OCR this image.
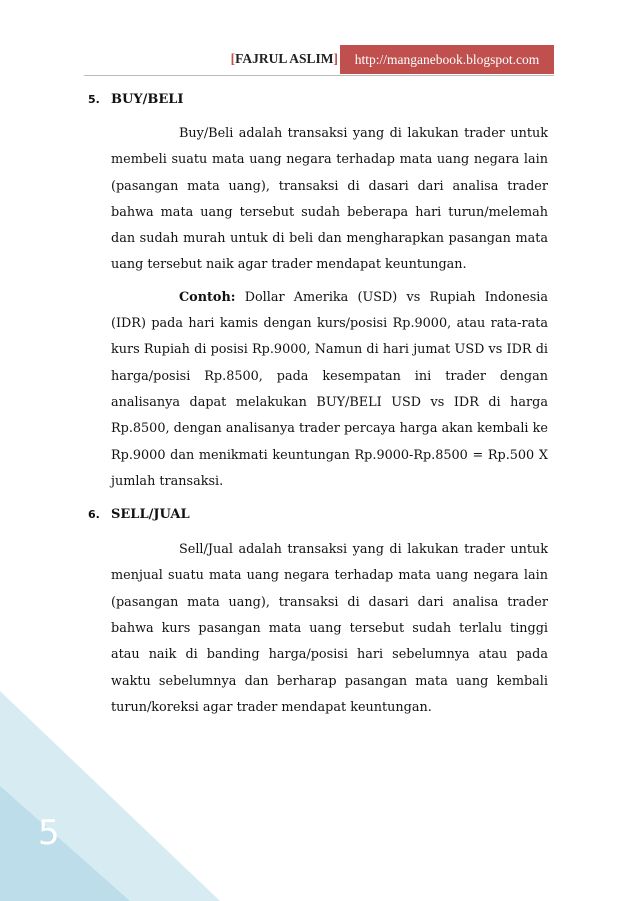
5
[FAJRUL ASLIM]	http://manganebook.blogspot.com
5. BUY/BELI

Buy/Beli adalah transaksi yang di lakukan trader untuk membeli suatu mata uang negara terhadap mata uang negara lain (pasangan mata uang), transaksi di dasari dari analisa trader bahwa mata uang tersebut sudah beberapa hari turun/melemah dan sudah murah untuk di beli dan mengharapkan pasangan mata uang tersebut naik agar trader mendapat keuntungan.

Contoh: Dollar Amerika (USD) vs Rupiah Indonesia (IDR) pada hari kamis dengan kurs/posisi Rp.9000, atau rata-rata kurs Rupiah di posisi Rp.9000, Namun di hari jumat USD vs IDR di harga/posisi Rp.8500, pada kesempatan ini trader dengan analisanya dapat melakukan BUY/BELI USD vs IDR di harga Rp.8500, dengan analisanya trader percaya harga akan kembali ke Rp.9000 dan menikmati keuntungan Rp.9000-Rp.8500 = Rp.500 X jumlah transaksi.

6. SELL/JUAL

Sell/Jual adalah transaksi yang di lakukan trader untuk menjual suatu mata uang negara terhadap mata uang negara lain (pasangan mata uang), transaksi di dasari dari analisa trader bahwa kurs pasangan mata uang tersebut sudah terlalu tinggi atau naik di banding harga/posisi hari sebelumnya atau pada waktu sebelumnya dan berharap pasangan mata uang kembali turun/koreksi agar trader mendapat keuntungan.
